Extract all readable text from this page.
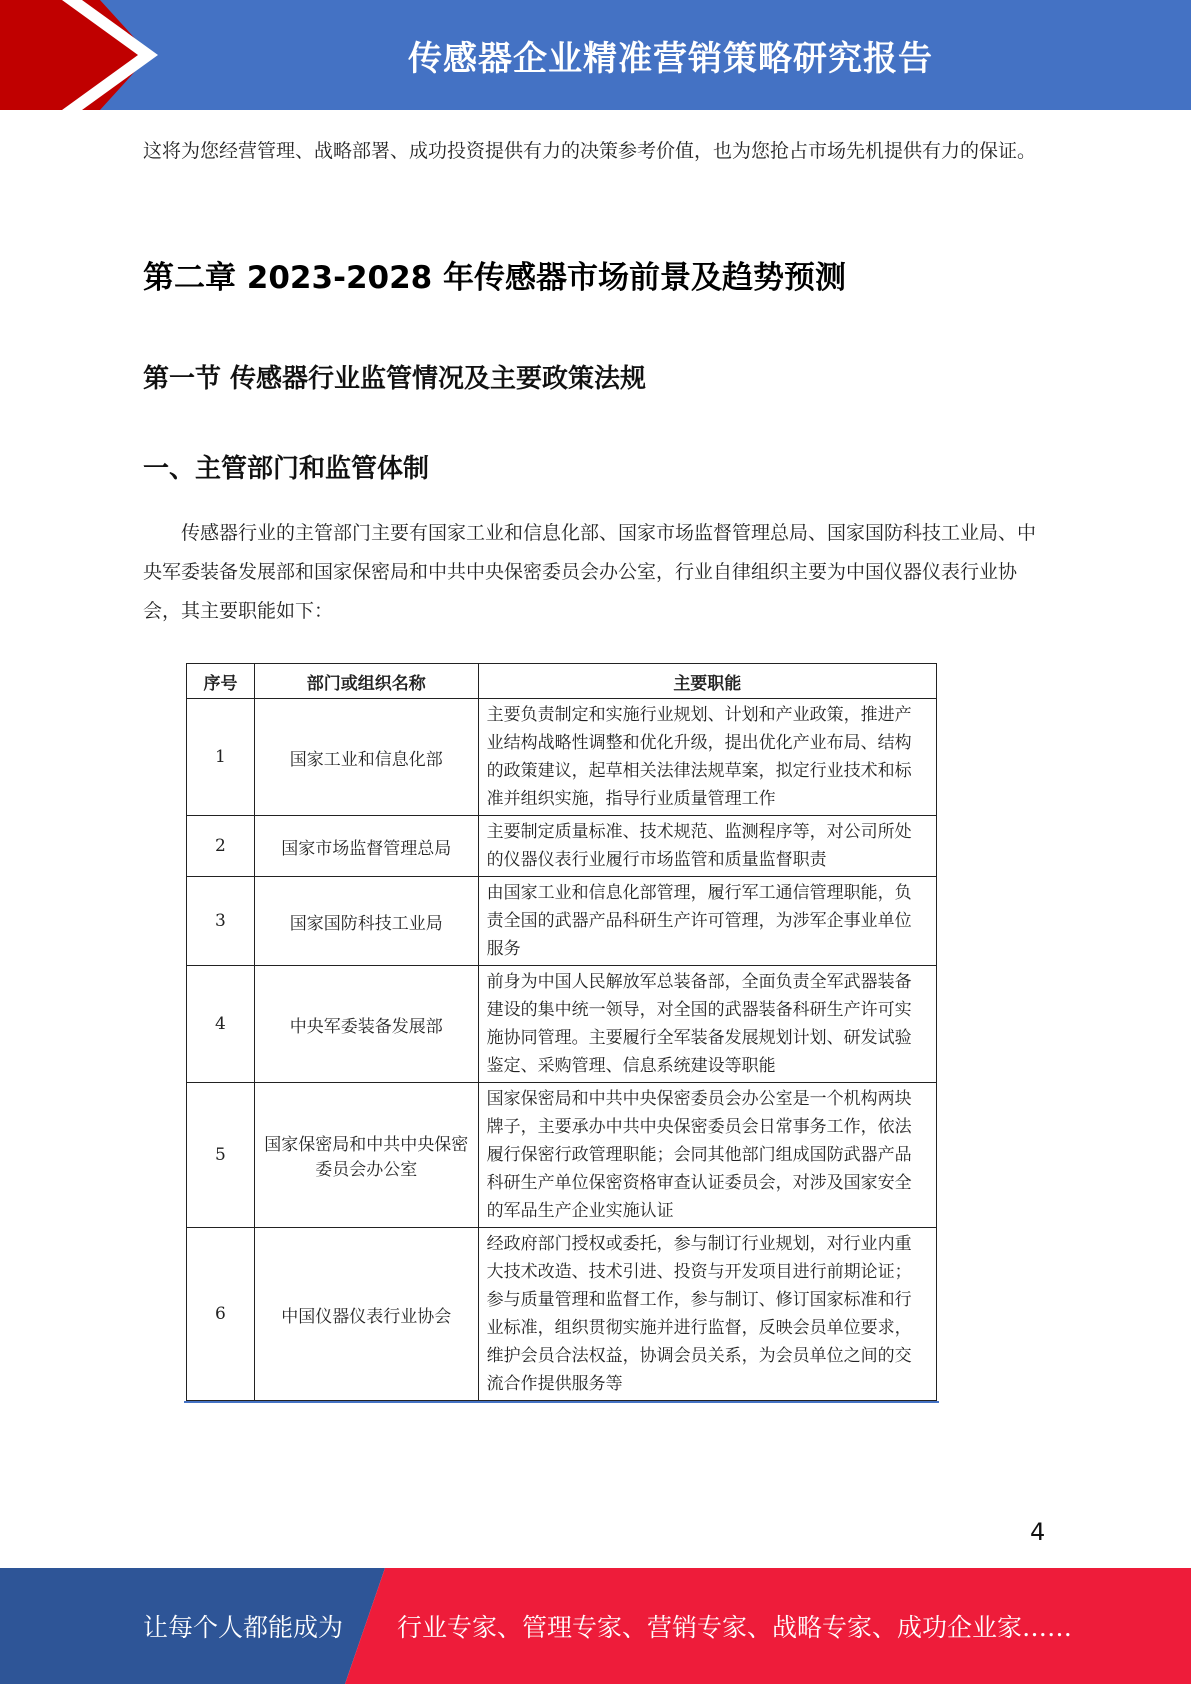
传感器企业精准营销策略研究报告

这将为您经营管理、战略部署、成功投资提供有力的决策参考价值，也为您抢占市场先机提供有力的保证。

第二章 2023-2028 年传感器市场前景及趋势预测
第一节 传感器行业监管情况及主要政策法规
一、主管部门和监管体制

传感器行业的主管部门主要有国家工业和信息化部、国家市场监督管理总局、国家国防科技工业局、中央军委装备发展部和国家保密局和中共中央保密委员会办公室，行业自律组织主要为中国仪器仪表行业协会，其主要职能如下：

序号	部门或组织名称	主要职能
1	国家工业和信息化部	主要负责制定和实施行业规划、计划和产业政策，推进产业结构战略性调整和优化升级，提出优化产业布局、结构的政策建议，起草相关法律法规草案，拟定行业技术和标准并组织实施，指导行业质量管理工作
2	国家市场监督管理总局	主要制定质量标准、技术规范、监测程序等，对公司所处的仪器仪表行业履行市场监管和质量监督职责
3	国家国防科技工业局	由国家工业和信息化部管理，履行军工通信管理职能，负责全国的武器产品科研生产许可管理，为涉军企事业单位服务
4	中央军委装备发展部	前身为中国人民解放军总装备部，全面负责全军武器装备建设的集中统一领导，对全国的武器装备科研生产许可实施协同管理。主要履行全军装备发展规划计划、研发试验鉴定、采购管理、信息系统建设等职能
5	国家保密局和中共中央保密委员会办公室	国家保密局和中共中央保密委员会办公室是一个机构两块牌子，主要承办中共中央保密委员会日常事务工作，依法履行保密行政管理职能；会同其他部门组成国防武器产品科研生产单位保密资格审查认证委员会，对涉及国家安全的军品生产企业实施认证
6	中国仪器仪表行业协会	经政府部门授权或委托，参与制订行业规划，对行业内重大技术改造、技术引进、投资与开发项目进行前期论证；参与质量管理和监督工作，参与制订、修订国家标准和行业标准，组织贯彻实施并进行监督，反映会员单位要求，维护会员合法权益，协调会员关系，为会员单位之间的交流合作提供服务等
4
让每个人都能成为 行业专家、管理专家、营销专家、战略专家、成功企业家……
